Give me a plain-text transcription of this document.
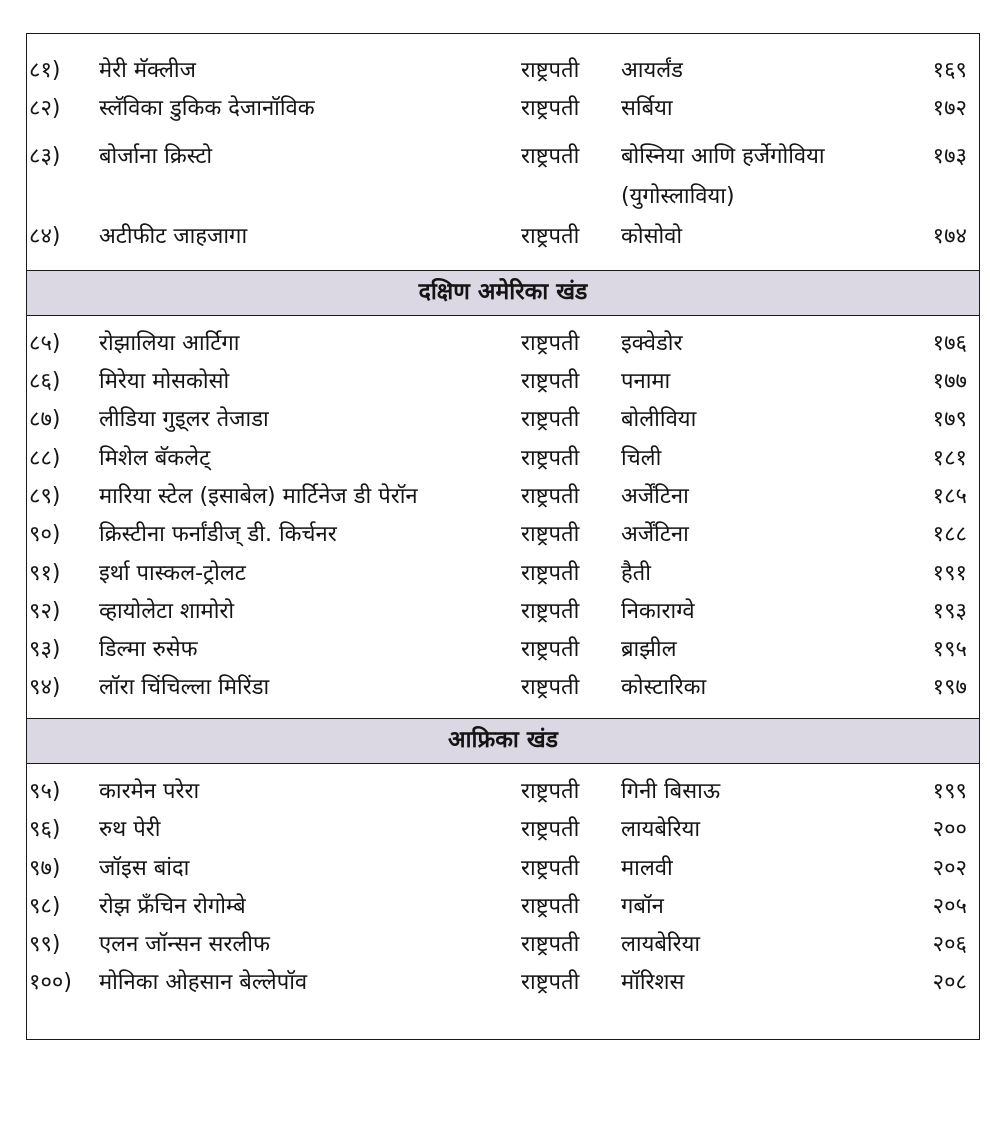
८१) मेरी मॅक्लीज	राष्ट्रपती आयर्लंड	१६९
८२) स्लॅविका डुकिक देजानॉविक	राष्ट्रपती सर्बिया	१७२
८३) बोर्जाना क्रिस्टो	राष्ट्रपती बोस्निया आणि हर्जेगोविया	१७३
(युगोस्लाविया)
८४) अटीफीट जाहजागा	राष्ट्रपती कोसोवो	१७४
दक्षिण अमेरिका खंड
८५) रोझालिया आर्टिगा	राष्ट्रपती इक्वेडोर	१७६
८६) मिरेया मोसकोसो	राष्ट्रपती पनामा	१७७
८७) लीडिया गुइ्लर तेजाडा	राष्ट्रपती बोलीविया	१७९
८८) मिशेल बॅकलेट्	राष्ट्रपती चिली	१८१
८९) मारिया स्टेल (इसाबेल) मार्टिनेज डी पेरॉन	राष्ट्रपती अर्जेंटिना	१८५
९०) क्रिस्टीना फर्नांडीज् डी. किर्चनर	राष्ट्रपती अर्जेंटिना	१८८
९१) इर्था पास्कल-ट्रोलट	राष्ट्रपती हैती	१९१
९२) व्हायोलेटा शामोरो	राष्ट्रपती निकाराग्वे	१९३
९३) डिल्मा रुसेफ	राष्ट्रपती ब्राझील	१९५
९४) लॉरा चिंचिल्ला मिरिंडा	राष्ट्रपती कोस्टारिका	१९७
आफ्रिका खंड
९५) कारमेन परेरा	राष्ट्रपती गिनी बिसाऊ	१९९
९६) रुथ पेरी	राष्ट्रपती लायबेरिया	२००
९७) जॉइस बांदा	राष्ट्रपती मालवी	२०२
९८) रोझ फ्रॅंचिन रोगोम्बे	राष्ट्रपती गबॉन	२०५
९९) एलन जॉन्सन सरलीफ	राष्ट्रपती लायबेरिया	२०६
१००) मोनिका ओहसान बेल्लेपॉव	राष्ट्रपती मॉरिशस	२०८
